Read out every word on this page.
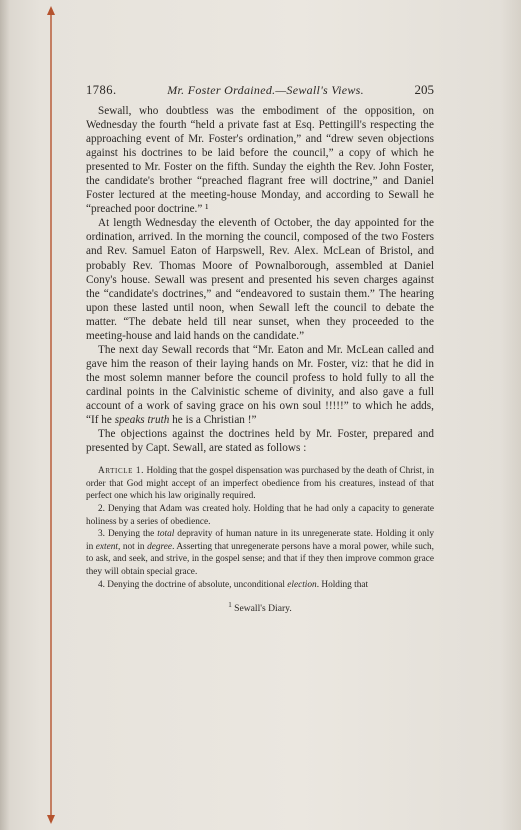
1786.	Mr. Foster Ordained.—Sewall's Views.	205

Sewall, who doubtless was the embodiment of the opposition, on Wednesday the fourth “held a private fast at Esq. Pettingill's respecting the approaching event of Mr. Foster's ordination,” and “drew seven objections against his doctrines to be laid before the council,” a copy of which he presented to Mr. Foster on the fifth. Sunday the eighth the Rev. John Foster, the candidate's brother “preached flagrant free will doctrine,” and Daniel Foster lectured at the meeting-house Monday, and according to Sewall he “preached poor doctrine.” ¹

At length Wednesday the eleventh of October, the day appointed for the ordination, arrived. In the morning the council, composed of the two Fosters and Rev. Samuel Eaton of Harpswell, Rev. Alex. McLean of Bristol, and probably Rev. Thomas Moore of Pownalborough, assembled at Daniel Cony's house. Sewall was present and presented his seven charges against the “candidate's doctrines,” and “endeavored to sustain them.” The hearing upon these lasted until noon, when Sewall left the council to debate the matter. “The debate held till near sunset, when they proceeded to the meeting-house and laid hands on the candidate.”

The next day Sewall records that “Mr. Eaton and Mr. McLean called and gave him the reason of their laying hands on Mr. Foster, viz: that he did in the most solemn manner before the council profess to hold fully to all the cardinal points in the Calvinistic scheme of divinity, and also gave a full account of a work of saving grace on his own soul !!!!!” to which he adds, “If he speaks truth he is a Christian !”

The objections against the doctrines held by Mr. Foster, prepared and presented by Capt. Sewall, are stated as follows :

Article 1. Holding that the gospel dispensation was purchased by the death of Christ, in order that God might accept of an imperfect obedience from his creatures, instead of that perfect one which his law originally required.

2. Denying that Adam was created holy. Holding that he had only a capacity to generate holiness by a series of obedience.

3. Denying the total depravity of human nature in its unregenerate state. Holding it only in extent, not in degree. Asserting that unregenerate persons have a moral power, while such, to ask, and seek, and strive, in the gospel sense; and that if they then improve common grace they will obtain special grace.

4. Denying the doctrine of absolute, unconditional election. Holding that

$^1$ Sewall's Diary.
